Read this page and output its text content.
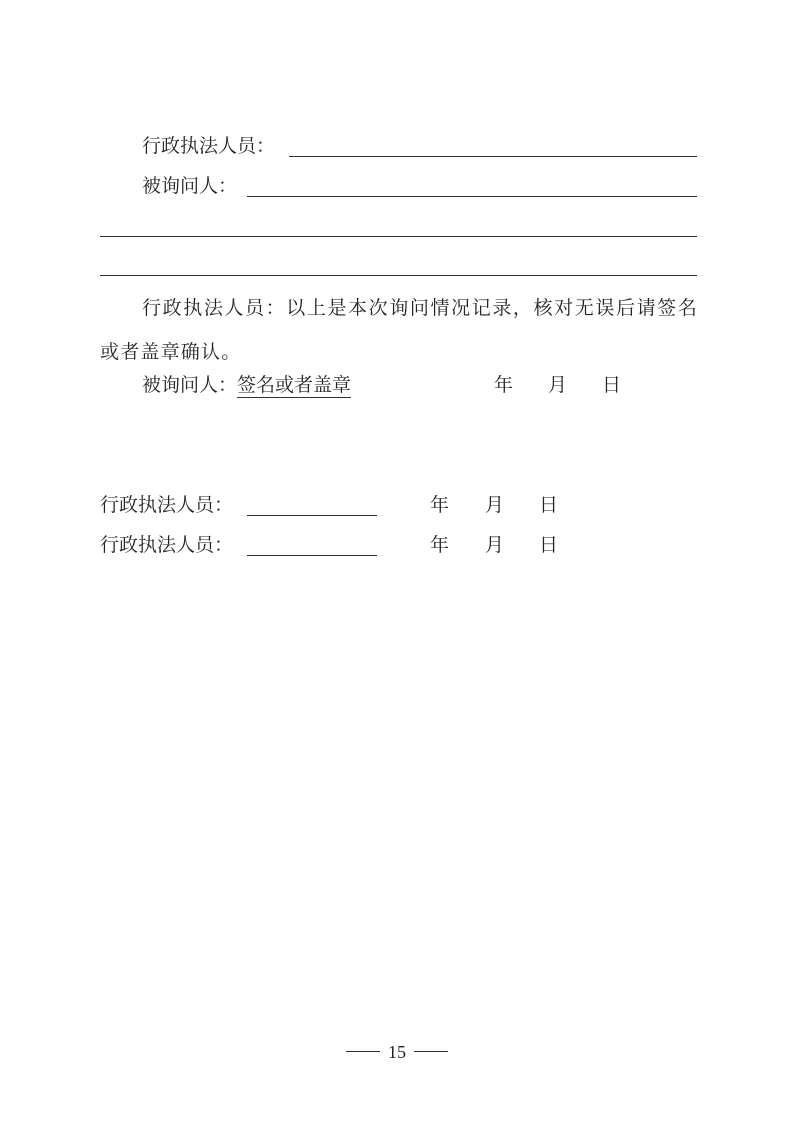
行政执法人员：
被询问人：
行政执法人员：以上是本次询问情况记录，核对无误后请签名或者盖章确认。
被询问人：签名或者盖章	年 月 日
行政执法人员：	年 月 日
行政执法人员：	年 月 日
15
